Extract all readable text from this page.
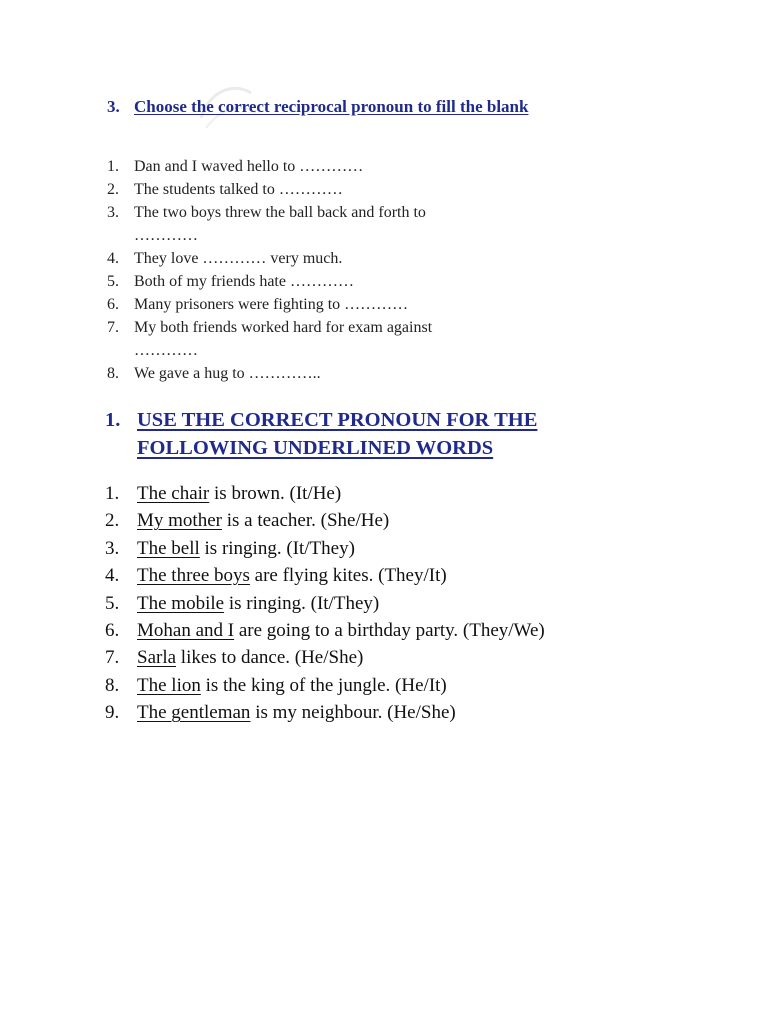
3. Choose the correct reciprocal pronoun to fill the blank
1. Dan and I waved hello to …………
2. The students talked to …………
3. The two boys threw the ball back and forth to
…………
4. They love ………… very much.
5. Both of my friends hate …………
6. Many prisoners were fighting to …………
7. My both friends worked hard for exam against
…………
8. We gave a hug to …………..
1. USE THE CORRECT PRONOUN FOR THE
FOLLOWING UNDERLINED WORDS
1. The chair is brown. (It/He)
2. My mother is a teacher. (She/He)
3. The bell is ringing. (It/They)
4. The three boys are flying kites. (They/It)
5. The mobile is ringing. (It/They)
6. Mohan and I are going to a birthday party. (They/We)
7. Sarla likes to dance. (He/She)
8. The lion is the king of the jungle. (He/It)
9. The gentleman is my neighbour. (He/She)
